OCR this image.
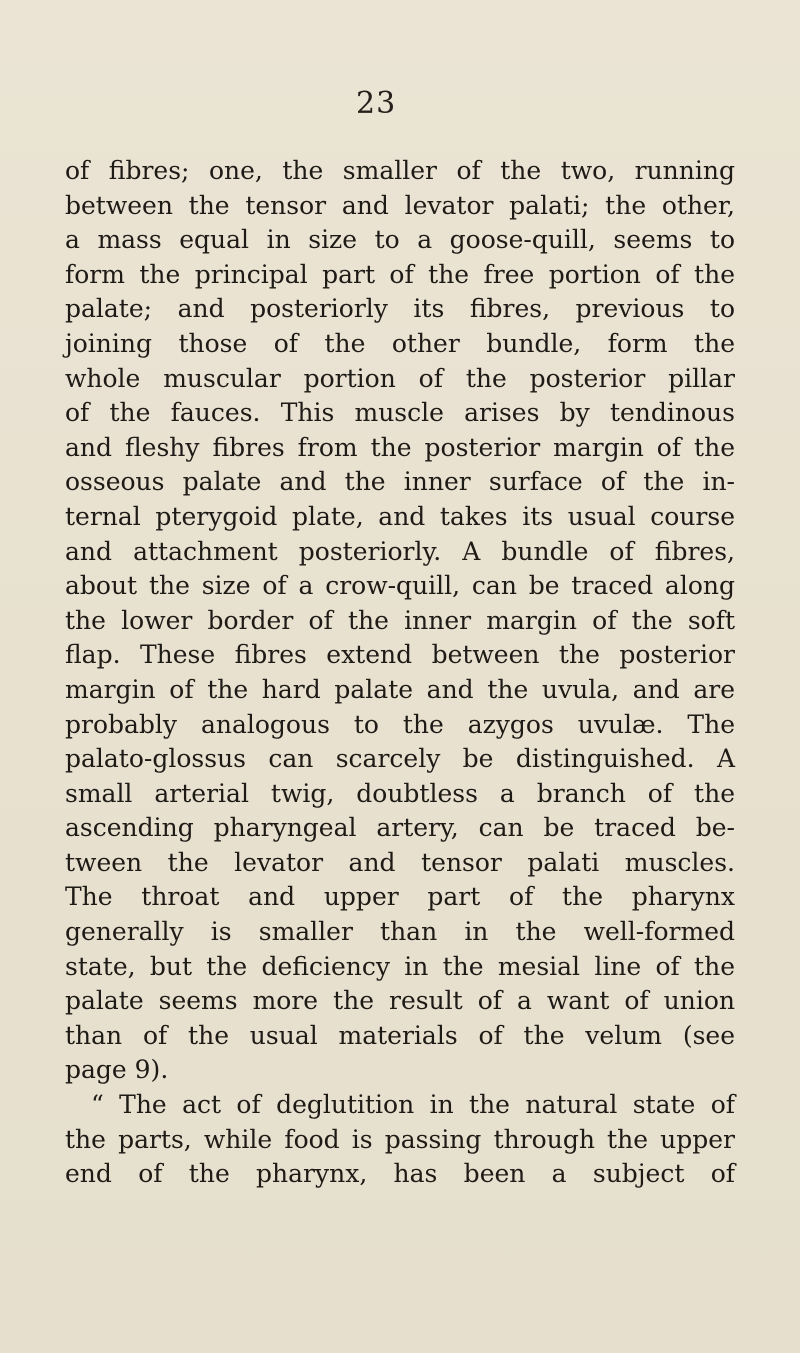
23
of fibres; one, the smaller of the two, running
between the tensor and levator palati; the other,
a mass equal in size to a goose-quill, seems to
form the principal part of the free portion of the
palate; and posteriorly its fibres, previous to
joining those of the other bundle, form the
whole muscular portion of the posterior pillar
of the fauces. This muscle arises by tendinous
and fleshy fibres from the posterior margin of the
osseous palate and the inner surface of the in-
ternal pterygoid plate, and takes its usual course
and attachment posteriorly. A bundle of fibres,
about the size of a crow-quill, can be traced along
the lower border of the inner margin of the soft
flap. These fibres extend between the posterior
margin of the hard palate and the uvula, and are
probably analogous to the azygos uvulæ. The
palato-glossus can scarcely be distinguished. A
small arterial twig, doubtless a branch of the
ascending pharyngeal artery, can be traced be-
tween the levator and tensor palati muscles.
The throat and upper part of the pharynx
generally is smaller than in the well-formed
state, but the deficiency in the mesial line of the
palate seems more the result of a want of union
than of the usual materials of the velum (see
page 9).
“ The act of deglutition in the natural state of
the parts, while food is passing through the upper
end of the pharynx, has been a subject of
